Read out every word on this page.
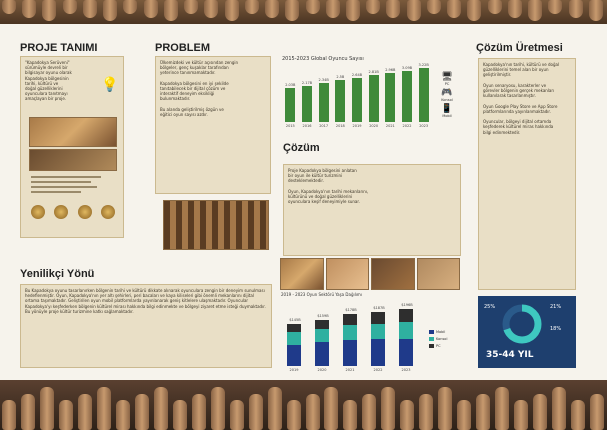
PROJE TANIMI
"Kapadokya Serüveni"
sürümüyle devreli bir
bilgisayar oyunu olarak
Kapadokya bölgesinin
tarihi, kültürü ve
doğal güzelliklerini
oyunculara tanıtmayı
amaçlayan bir proje.
💡
PROBLEM
Ülkemizdeki ve kültür açısından zengin
bölgeler, genç kuşaklar tarafından
yeterince tanınmamaktadır.

Kapadokya bölgesini en iyi şekilde
tanıtabilecek bir dijital çözüm ve
interaktif deneyim eksikliği
bulunmaktadır.

Bu alanda geliştirilmiş özgün ve
eğitici oyun sayısı azdır.
2015-2023 Global Oyuncu Sayısı
2.03B
2015
2.17B
2016
2.34B
2017
2.5B
2018
2.64B
2019
2.81B
2020
2.96B
2021
3.09B
2022
3.22B
2023
🖥
PC
🎮
Konsol
📱
Mobil
Çözüm
Proje Kapadokya bölgesini anlatan
bir oyun ile kültür turizmini
desteklemektedir.

Oyun, Kapadokya'nın tarihi mekanlarını,
kültürünü ve doğal güzelliklerini
oyunculara keşif deneyimiyle sunar.
2019 - 2023 Oyun Sektörü Yaşa Dağılımı
$145B
2019
$159B
2020
$178B
2021
$187B
2022
$196B
2023
Mobil
Konsol
PC
Çözüm Üretmesi
Kapadokya'nın tarihi, kültürü ve doğal
güzelliklerini temel alan bir oyun
geliştirilmiştir.

Oyun senaryosu, karakterler ve
görevler bölgenin gerçek mekanları
kullanılarak tasarlanmıştır.

Oyun Google Play Store ve App Store
platformlarında yayınlanmaktadır.

Oyuncular, bölgeyi dijital ortamda
keşfederek kültürel miras hakkında
bilgi edinmektedir.
25%	21%
18%
35-44 YIL
Yenilikçi Yönü
Bu Kapadokya oyunu tasarlanırken bölgenin tarihi ve kültürü dikkate alınarak oyunculara zengin bir deneyim sunulması hedeflenmiştir. Oyun, Kapadokya'nın yer altı şehirleri, peri bacaları ve kaya kiliseleri gibi önemli mekanlarını dijital ortama taşımaktadır. Geliştirilen oyun mobil platformlarda yayınlanarak geniş kitlelere ulaşmaktadır. Oyuncular Kapadokya'yı keşfederken bölgenin kültürel mirası hakkında bilgi edinmekte ve bölgeyi ziyaret etme isteği duymaktadır. Bu yönüyle proje kültür turizmine katkı sağlamaktadır.
